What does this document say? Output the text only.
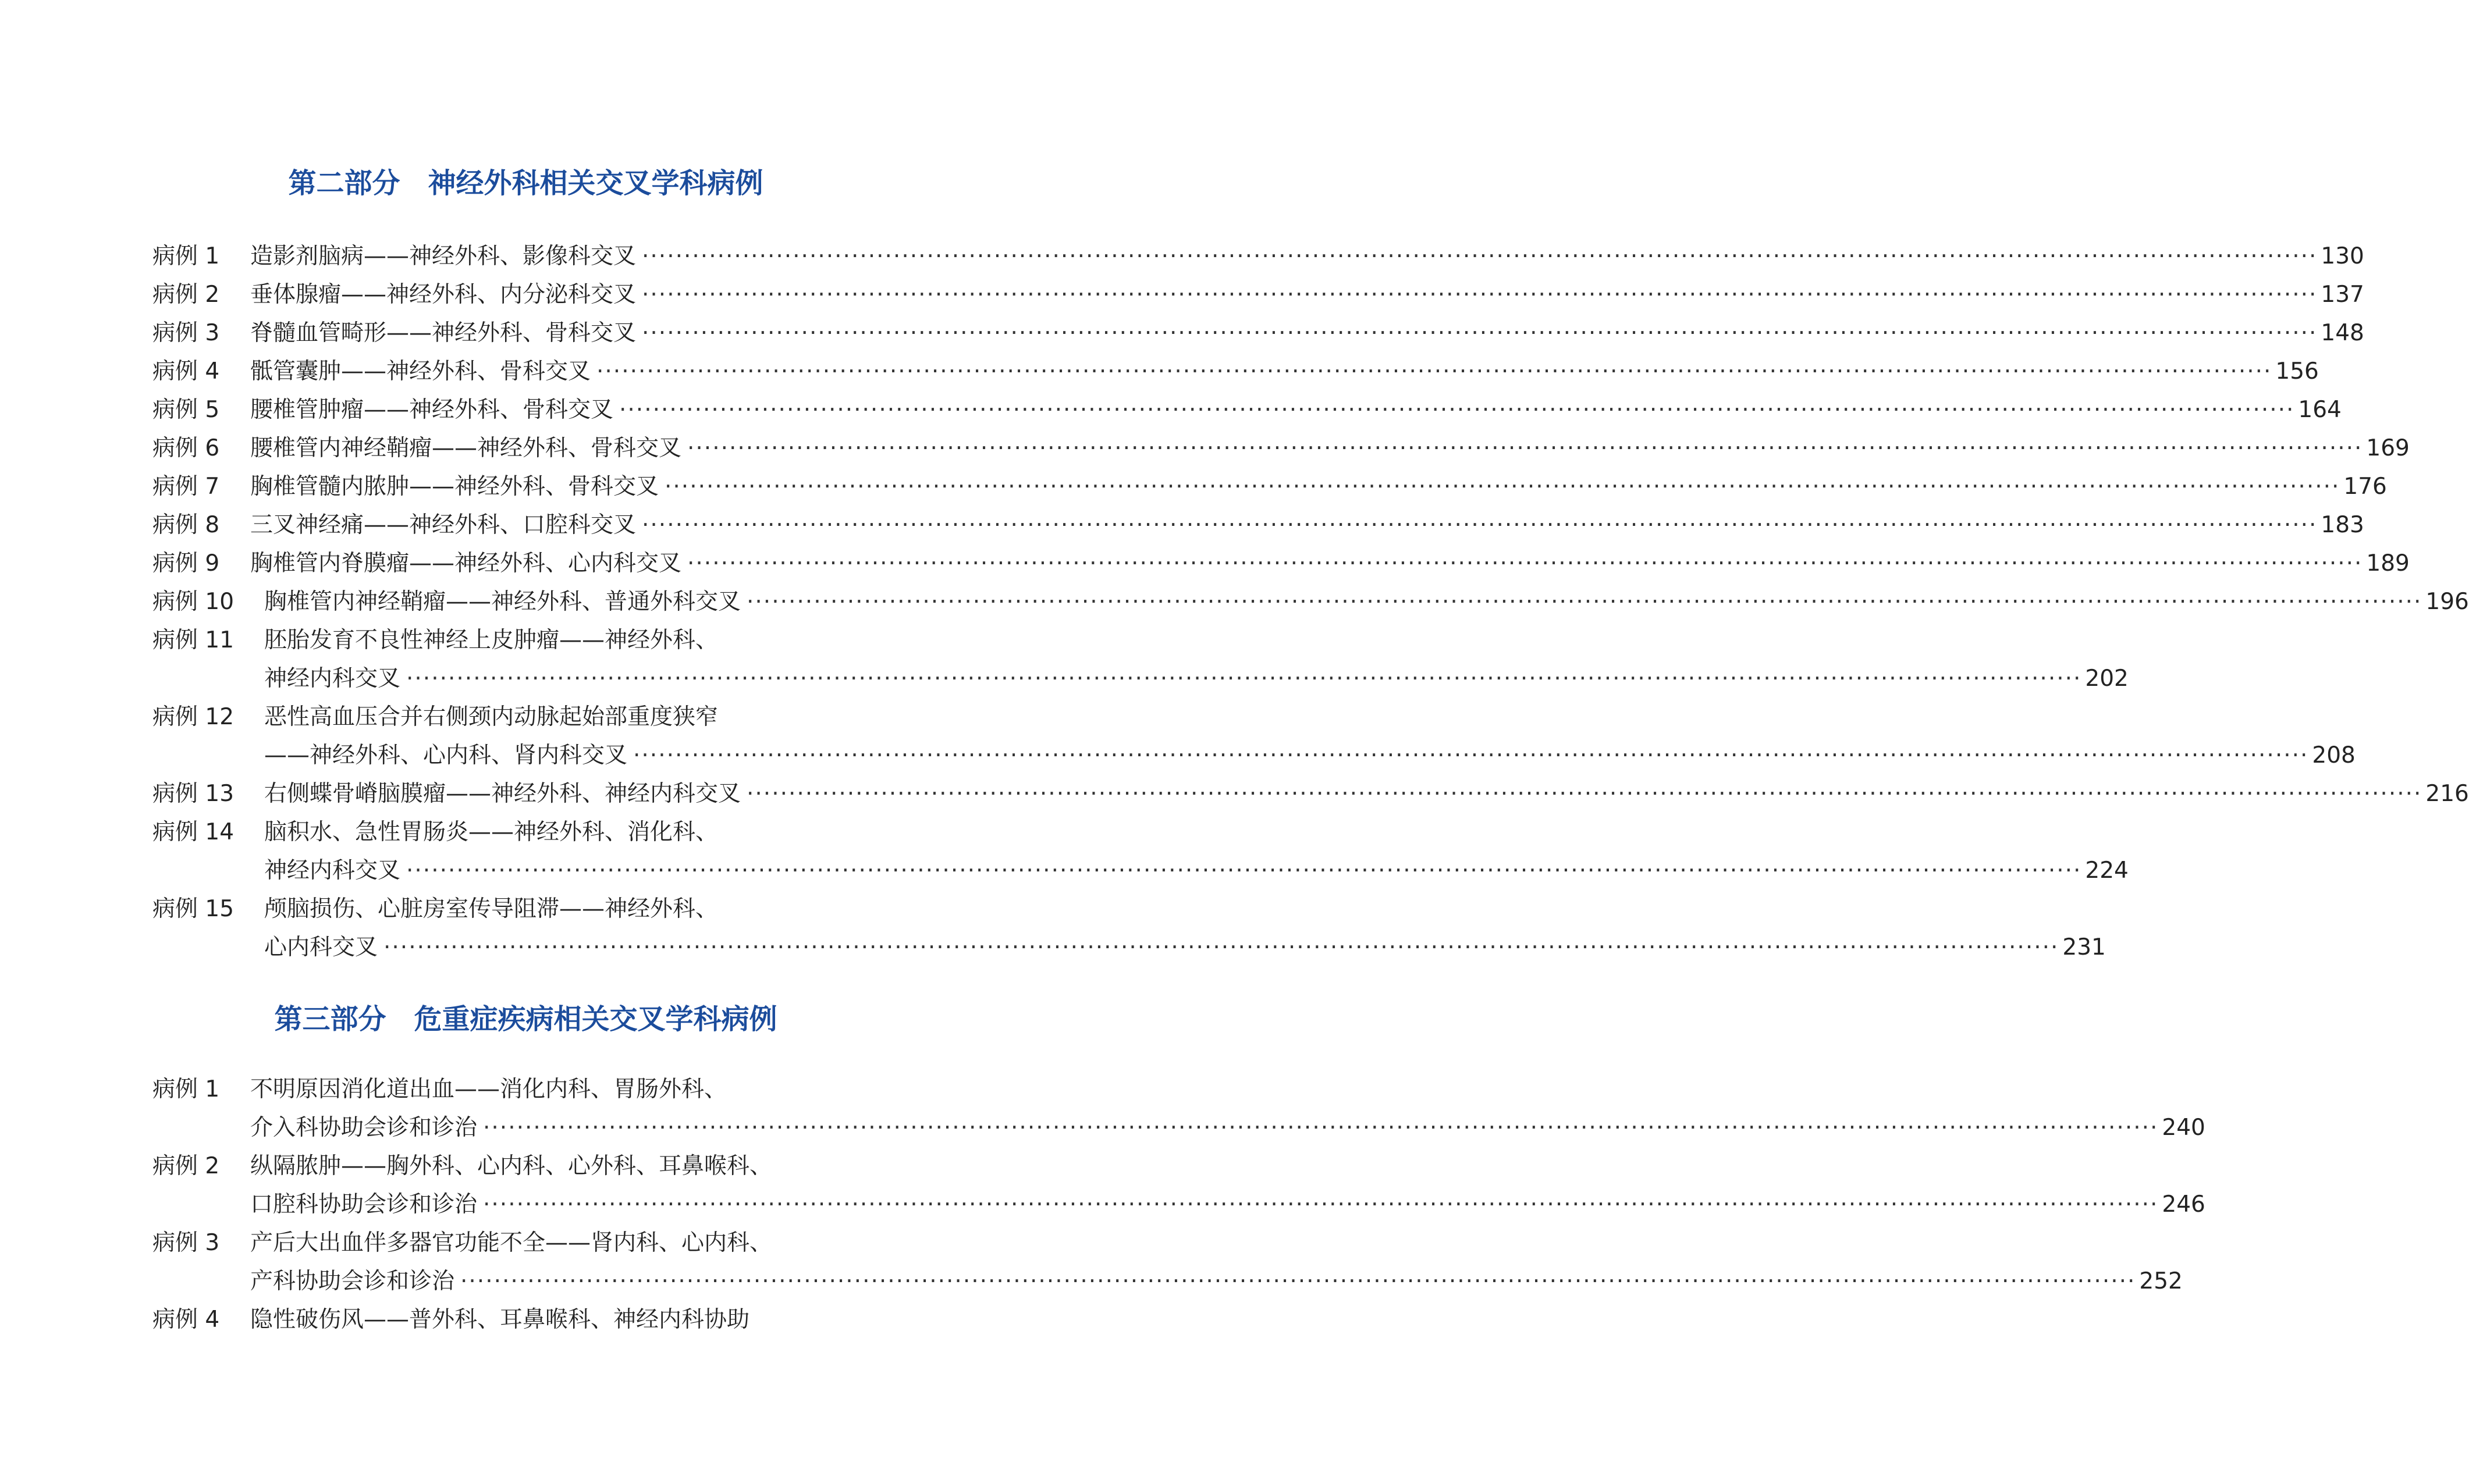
第二部分　神经外科相关交叉学科病例
病例 1 造影剂脑病——神经外科、影像科交叉 ········································································································································································································ 130
病例 2 垂体腺瘤——神经外科、内分泌科交叉 ········································································································································································································ 137
病例 3 脊髓血管畸形——神经外科、骨科交叉 ········································································································································································································ 148
病例 4 骶管囊肿——神经外科、骨科交叉 ········································································································································································································ 156
病例 5 腰椎管肿瘤——神经外科、骨科交叉 ········································································································································································································ 164
病例 6 腰椎管内神经鞘瘤——神经外科、骨科交叉 ········································································································································································································ 169
病例 7 胸椎管髓内脓肿——神经外科、骨科交叉 ········································································································································································································ 176
病例 8 三叉神经痛——神经外科、口腔科交叉 ········································································································································································································ 183
病例 9 胸椎管内脊膜瘤——神经外科、心内科交叉 ········································································································································································································ 189
病例 10 胸椎管内神经鞘瘤——神经外科、普通外科交叉 ········································································································································································································ 196
病例 11 胚胎发育不良性神经上皮肿瘤——神经外科、
神经内科交叉 ········································································································································································································ 202
病例 12 恶性高血压合并右侧颈内动脉起始部重度狭窄
——神经外科、心内科、肾内科交叉 ········································································································································································································ 208
病例 13 右侧蝶骨嵴脑膜瘤——神经外科、神经内科交叉 ········································································································································································································ 216
病例 14 脑积水、急性胃肠炎——神经外科、消化科、
神经内科交叉 ········································································································································································································ 224
病例 15 颅脑损伤、心脏房室传导阻滞——神经外科、
心内科交叉 ········································································································································································································ 231
第三部分　危重症疾病相关交叉学科病例
病例 1 不明原因消化道出血——消化内科、胃肠外科、
介入科协助会诊和诊治 ········································································································································································································ 240
病例 2 纵隔脓肿——胸外科、心内科、心外科、耳鼻喉科、
口腔科协助会诊和诊治 ········································································································································································································ 246
病例 3 产后大出血伴多器官功能不全——肾内科、心内科、
产科协助会诊和诊治 ········································································································································································································ 252
病例 4 隐性破伤风——普外科、耳鼻喉科、神经内科协助
